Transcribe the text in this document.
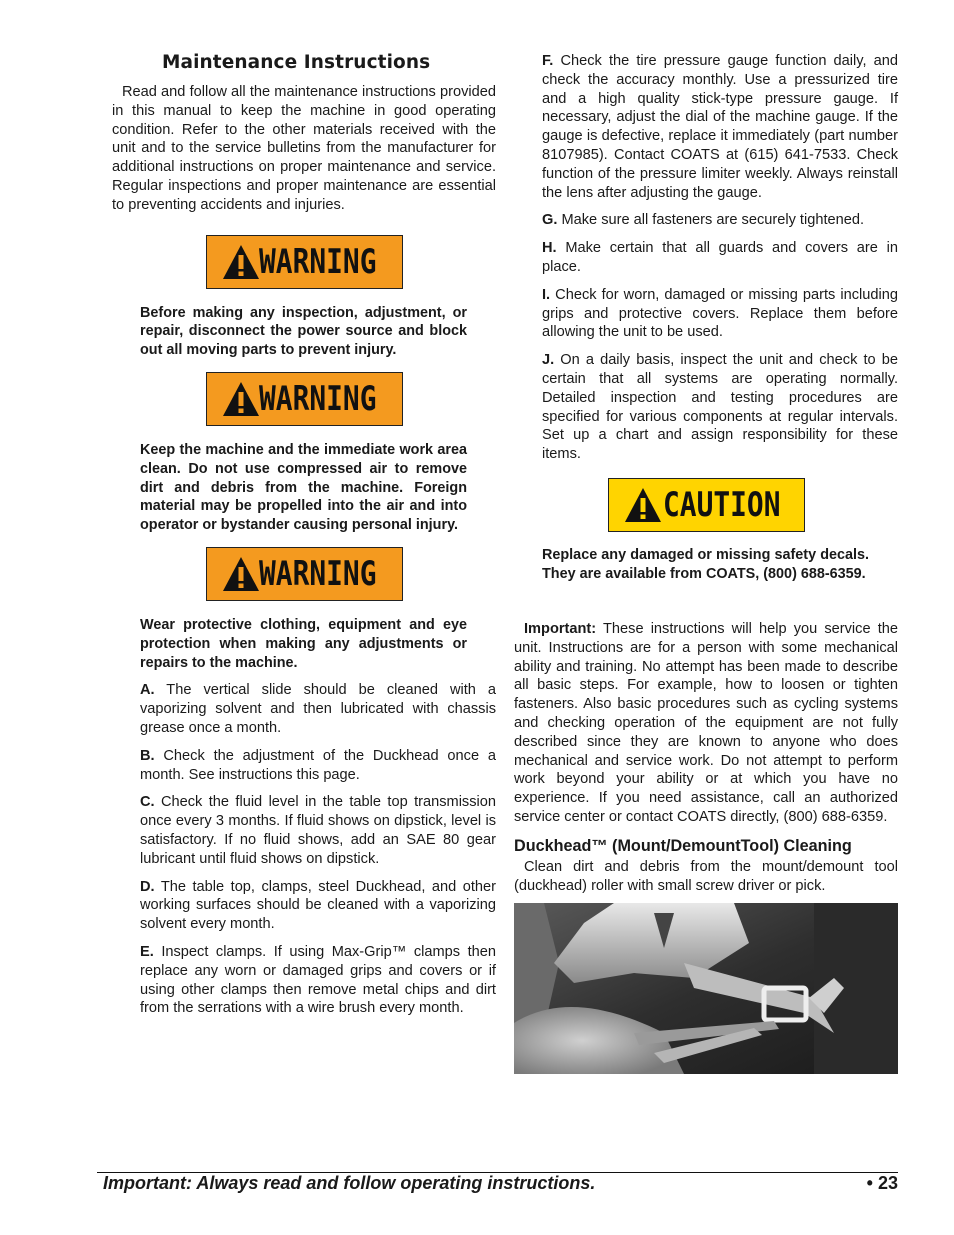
Maintenance Instructions

Read and follow all the maintenance instructions provided in this manual to keep the machine in good operating condition. Refer to the other materials received with the unit and to the service bulletins from the manufacturer for additional instructions on proper maintenance and service. Regular inspections and proper maintenance are essential to preventing accidents and injuries.

WARNING

Before making any inspection, adjustment, or repair, disconnect the power source and block out all moving parts to prevent injury.

WARNING

Keep the machine and the immediate work area clean. Do not use compressed air to remove dirt and debris from the machine. Foreign material may be propelled into the air and into operator or bystander causing personal injury.

WARNING

Wear protective clothing, equipment and eye protection when making any adjustments or repairs to the machine.

A. The vertical slide should be cleaned with a vaporizing solvent and then lubricated with chassis grease once a month.

B. Check the adjustment of the Duckhead once a month. See instructions this page.

C. Check the fluid level in the table top transmission once every 3 months. If fluid shows on dipstick, level is satisfactory. If no fluid shows, add an SAE 80 gear lubricant until fluid shows on dipstick.

D. The table top, clamps, steel Duckhead, and other working surfaces should be cleaned with a vaporizing solvent every month.

E. Inspect clamps. If using Max-Grip™ clamps then replace any worn or damaged grips and covers or if using other clamps then remove metal chips and dirt from the serrations with a wire brush every month.

F. Check the tire pressure gauge function daily, and check the accuracy monthly. Use a pressurized tire and a high quality stick-type pressure gauge. If necessary, adjust the dial of the machine gauge. If the gauge is defective, replace it immediately (part number 8107985). Contact COATS at (615) 641-7533. Check function of the pressure limiter weekly. Always reinstall the lens after adjusting the gauge.

G. Make sure all fasteners are securely tightened.

H. Make certain that all guards and covers are in place.

I. Check for worn, damaged or missing parts including grips and protective covers. Replace them before allowing the unit to be used.

J. On a daily basis, inspect the unit and check to be certain that all systems are operating normally. Detailed inspection and testing procedures are specified for various components at regular intervals. Set up a chart and assign responsibility for these items.

CAUTION

Replace any damaged or missing safety decals. They are available from COATS, (800) 688-6359.

Important: These instructions will help you service the unit. Instructions are for a person with some mechanical ability and training. No attempt has been made to describe all basic steps. For example, how to loosen or tighten fasteners. Also basic procedures such as cycling systems and checking operation of the equipment are not fully described since they are known to anyone who does mechanical and service work. Do not attempt to perform work beyond your ability or at which you have no experience. If you need assistance, call an authorized service center or contact COATS directly, (800) 688-6359.

Duckhead™ (Mount/DemountTool) Cleaning

Clean dirt and debris from the mount/demount tool (duckhead) roller with small screw driver or pick.

Important: Always read and follow operating instructions.	• 23
